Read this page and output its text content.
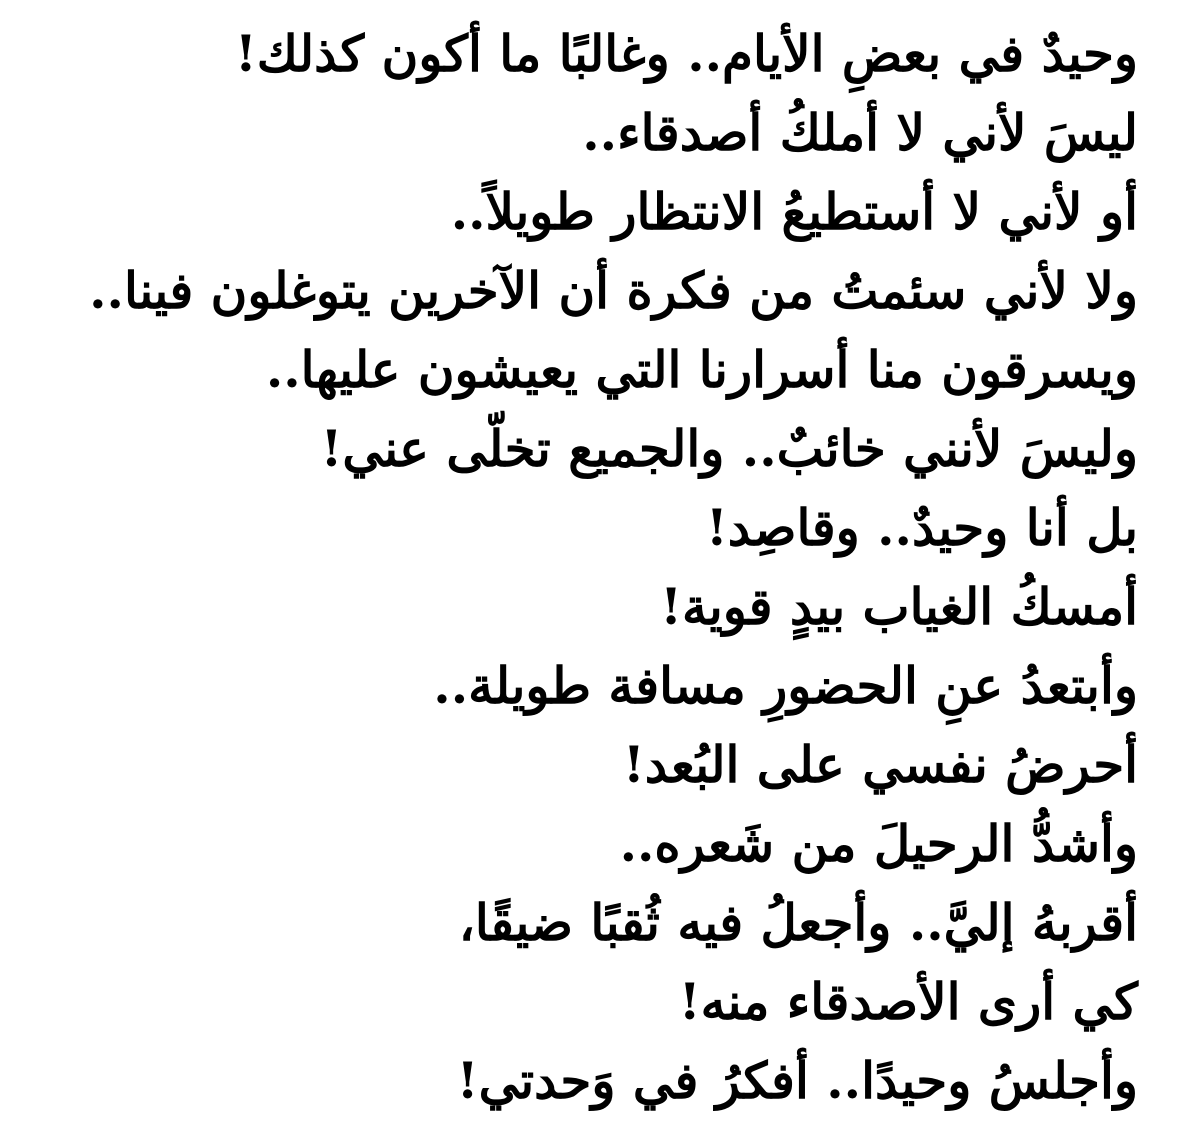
وحيدٌ في بعضِ الأيام.. وغالبًا ما أكون كذلك!

ليسَ لأني لا أملكُ أصدقاء..

أو لأني لا أستطيعُ الانتظار طويلاً..

ولا لأني سئمتُ من فكرة أن الآخرين يتوغلون فينا..

ويسرقون منا أسرارنا التي يعيشون عليها..

وليسَ لأنني خائبٌ.. والجميع تخلّى عني!

بل أنا وحيدٌ.. وقاصِد!

أمسكُ الغياب بيدٍ قوية!

وأبتعدُ عنِ الحضورِ مسافة طويلة..

أحرضُ نفسي على البُعد!

وأشدُّ الرحيلَ من شَعره..

أقربهُ إليَّ.. وأجعلُ فيه ثُقبًا ضيقًا،

كي أرى الأصدقاء منه!

وأجلسُ وحيدًا.. أفكرُ في وَحدتي!
